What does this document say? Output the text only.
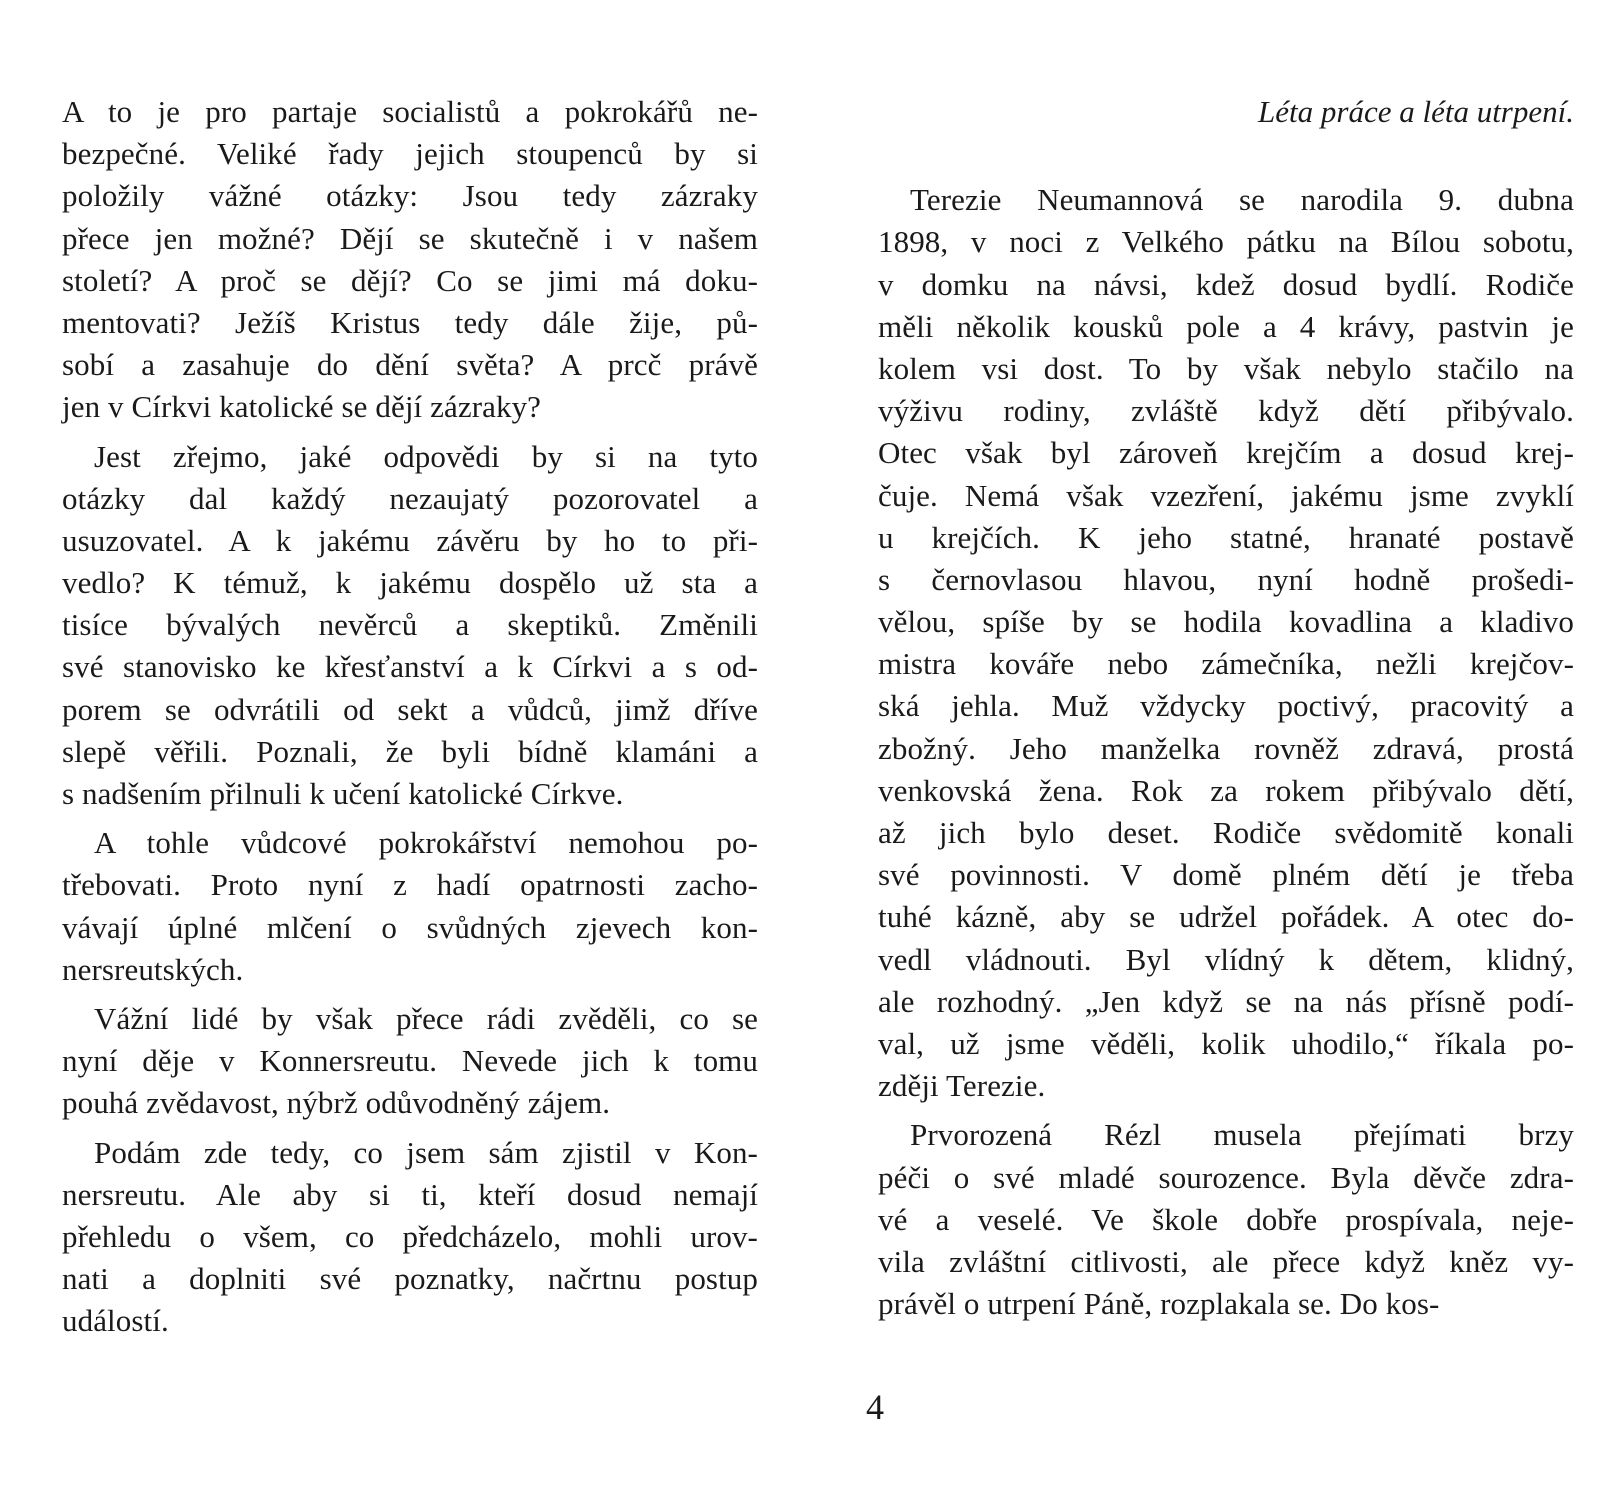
A to je pro partaje socialistů a pokrokářů ne-
bezpečné. Veliké řady jejich stoupenců by si
položily vážné otázky: Jsou tedy zázraky
přece jen možné? Dějí se skutečně i v našem
století? A proč se dějí? Co se jimi má doku-
mentovati? Ježíš Kristus tedy dále žije, pů-
sobí a zasahuje do dění světa? A prcč právě
jen v Církvi katolické se dějí zázraky?
Jest zřejmo, jaké odpovědi by si na tyto
otázky dal každý nezaujatý pozorovatel a
usuzovatel. A k jakému závěru by ho to při-
vedlo? K témuž, k jakému dospělo už sta a
tisíce bývalých nevěrců a skeptiků. Změnili
své stanovisko ke křesťanství a k Církvi a s od-
porem se odvrátili od sekt a vůdců, jimž dříve
slepě věřili. Poznali, že byli bídně klamáni a
s nadšením přilnuli k učení katolické Církve.
A tohle vůdcové pokrokářství nemohou po-
třebovati. Proto nyní z hadí opatrnosti zacho-
vávají úplné mlčení o svůdných zjevech kon-
nersreutských.
Vážní lidé by však přece rádi zvěděli, co se
nyní děje v Konnersreutu. Nevede jich k tomu
pouhá zvědavost, nýbrž odůvodněný zájem.
Podám zde tedy, co jsem sám zjistil v Kon-
nersreutu. Ale aby si ti, kteří dosud nemají
přehledu o všem, co předcházelo, mohli urov-
nati a doplniti své poznatky, načrtnu postup
událostí.
Léta práce a léta utrpení.
Terezie Neumannová se narodila 9. dubna
1898, v noci z Velkého pátku na Bílou sobotu,
v domku na návsi, kdež dosud bydlí. Rodiče
měli několik kousků pole a 4 krávy, pastvin je
kolem vsi dost. To by však nebylo stačilo na
výživu rodiny, zvláště když dětí přibývalo.
Otec však byl zároveň krejčím a dosud krej-
čuje. Nemá však vzezření, jakému jsme zvyklí
u krejčích. K jeho statné, hranaté postavě
s černovlasou hlavou, nyní hodně prošedi-
vělou, spíše by se hodila kovadlina a kladivo
mistra kováře nebo zámečníka, nežli krejčov-
ská jehla. Muž vždycky poctivý, pracovitý a
zbožný. Jeho manželka rovněž zdravá, prostá
venkovská žena. Rok za rokem přibývalo dětí,
až jich bylo deset. Rodiče svědomitě konali
své povinnosti. V domě plném dětí je třeba
tuhé kázně, aby se udržel pořádek. A otec do-
vedl vládnouti. Byl vlídný k dětem, klidný,
ale rozhodný. „Jen když se na nás přísně podí-
val, už jsme věděli, kolik uhodilo,“ říkala po-
zději Terezie.
Prvorozená Rézl musela přejímati brzy
péči o své mladé sourozence. Byla děvče zdra-
vé a veselé. Ve škole dobře prospívala, neje-
vila zvláštní citlivosti, ale přece když kněz vy-
právěl o utrpení Páně, rozplakala se. Do kos-
4
